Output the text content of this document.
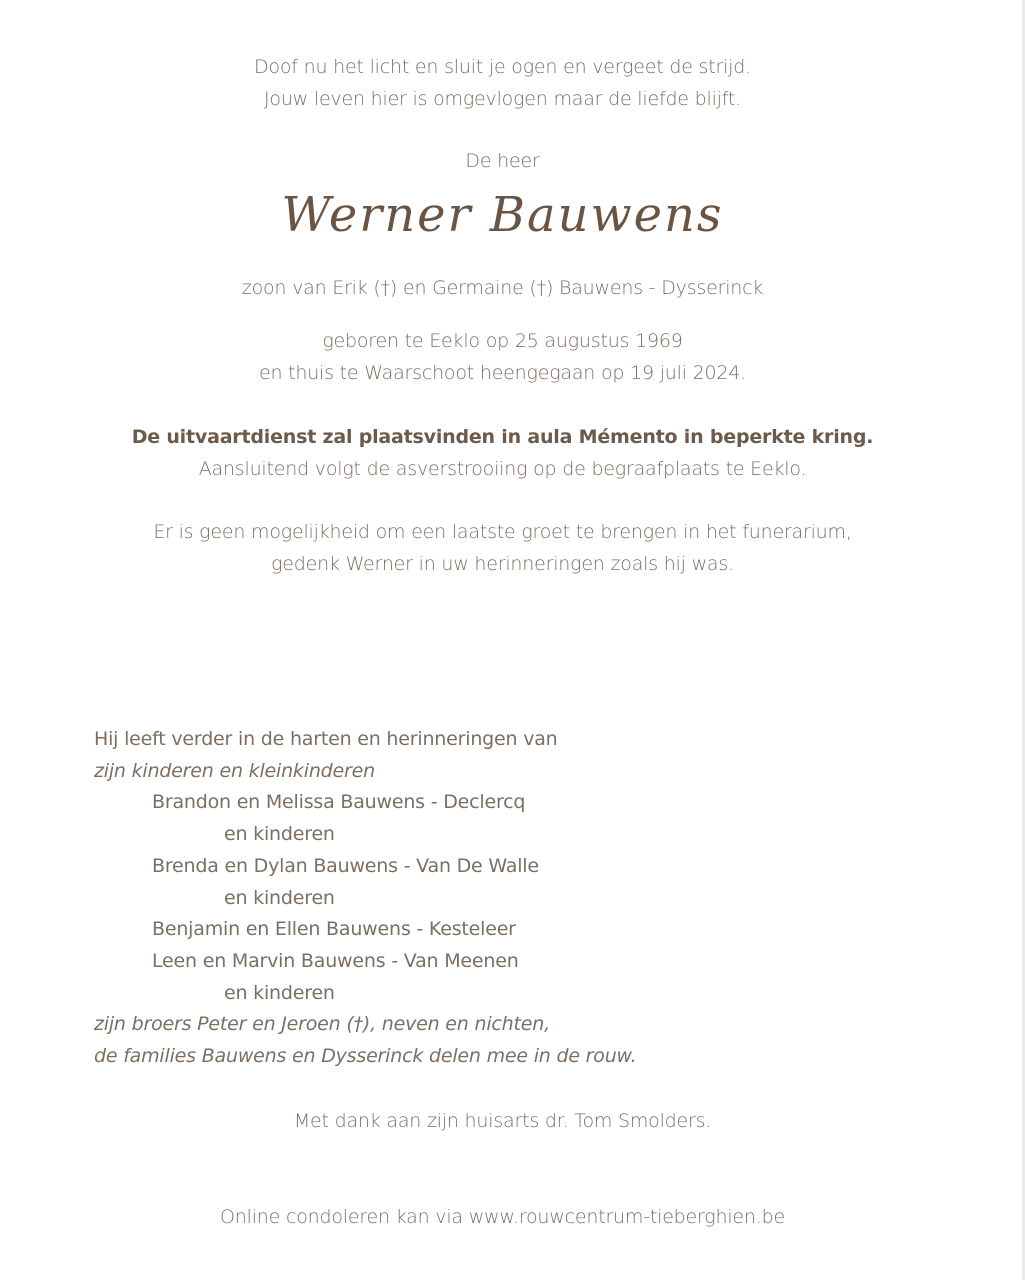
Doof nu het licht en sluit je ogen en vergeet de strijd.
Jouw leven hier is omgevlogen maar de liefde blijft.
De heer
Werner Bauwens
zoon van Erik (†) en Germaine (†) Bauwens - Dysserinck
geboren te Eeklo op 25 augustus 1969
en thuis te Waarschoot heengegaan op 19 juli 2024.
De uitvaartdienst zal plaatsvinden in aula Mémento in beperkte kring.
Aansluitend volgt de asverstrooiing op de begraafplaats te Eeklo.
Er is geen mogelijkheid om een laatste groet te brengen in het funerarium,
gedenk Werner in uw herinneringen zoals hij was.
Hij leeft verder in de harten en herinneringen van
zijn kinderen en kleinkinderen
Brandon en Melissa Bauwens - Declercq
en kinderen
Brenda en Dylan Bauwens - Van De Walle
en kinderen
Benjamin en Ellen Bauwens - Kesteleer
Leen en Marvin Bauwens - Van Meenen
en kinderen
zijn broers Peter en Jeroen (†), neven en nichten,
de families Bauwens en Dysserinck delen mee in de rouw.
Met dank aan zijn huisarts dr. Tom Smolders.
Online condoleren kan via www.rouwcentrum-tieberghien.be
